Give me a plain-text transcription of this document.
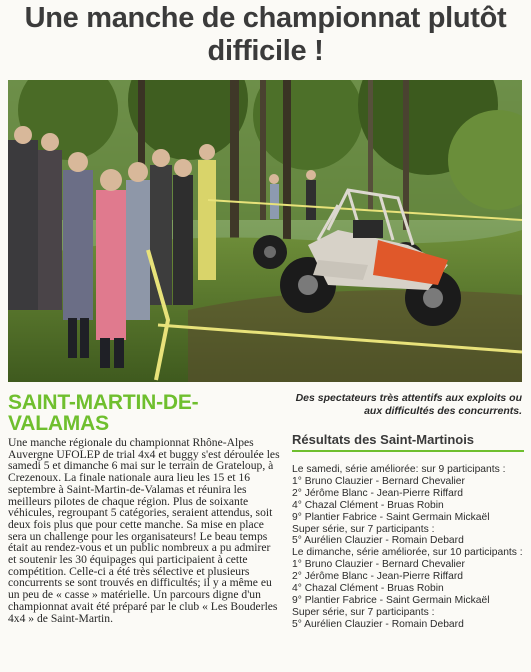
Une manche de championnat plutôt difficile !
SAINT-MARTIN-DE-VALAMAS
Des spectateurs très attentifs aux exploits ou aux difficultés des concurrents.

Une manche régionale du championnat Rhône-Alpes Auvergne UFOLEP de trial 4x4 et buggy s'est déroulée les samedi 5 et dimanche 6 mai sur le terrain de Grateloup, à Crezenoux. La finale nationale aura lieu les 15 et 16 septembre à Saint-Martin-de-Valamas et réunira les meilleurs pilotes de chaque région. Plus de soixante véhicules, regroupant 5 catégories, seraient attendus, soit deux fois plus que pour cette manche. Sa mise en place sera un challenge pour les organisateurs! Le beau temps était au rendez-vous et un public nombreux a pu admirer et soutenir les 30 équipages qui participaient à cette compétition. Celle-ci a été très sélective et plusieurs concurrents se sont trouvés en difficultés; il y a même eu un peu de « casse » matérielle. Un parcours digne d'un championnat avait été préparé par le club « Les Bouderles 4x4 » de Saint-Martin.

Résultats des Saint-Martinois
Le samedi, série améliorée: sur 9 participants :
1° Bruno Clauzier - Bernard Chevalier
2° Jérôme Blanc - Jean-Pierre Riffard
4° Chazal Clément - Bruas Robin
9° Plantier Fabrice - Saint Germain Mickaël
Super série, sur 7 participants :
5° Aurélien Clauzier - Romain Debard
Le dimanche, série améliorée, sur 10 participants :
1° Bruno Clauzier - Bernard Chevalier
2° Jérôme Blanc - Jean-Pierre Riffard
4° Chazal Clément - Bruas Robin
9° Plantier Fabrice - Saint Germain Mickaël
Super série, sur 7 participants :
5° Aurélien Clauzier - Romain Debard
